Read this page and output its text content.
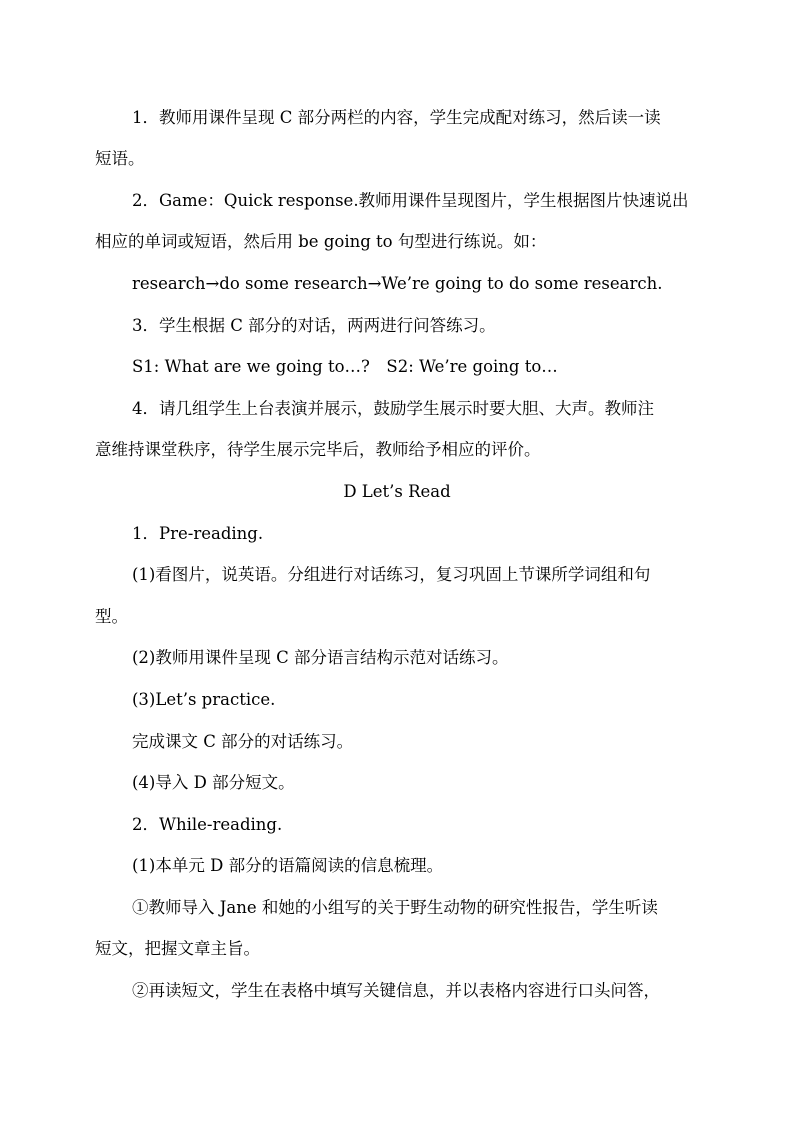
1．教师用课件呈现 C 部分两栏的内容，学生完成配对练习，然后读一读
短语。
2．Game：Quick response.教师用课件呈现图片，学生根据图片快速说出
相应的单词或短语，然后用 be going to 句型进行练说。如：
research→do some research→We’re going to do some research.
3．学生根据 C 部分的对话，两两进行问答练习。
S1: What are we going to…?　S2: We’re going to…
4．请几组学生上台表演并展示，鼓励学生展示时要大胆、大声。教师注
意维持课堂秩序，待学生展示完毕后，教师给予相应的评价。
D Let’s Read
1．Pre-reading.
(1)看图片，说英语。分组进行对话练习，复习巩固上节课所学词组和句
型。
(2)教师用课件呈现 C 部分语言结构示范对话练习。
(3)Let’s practice.
完成课文 C 部分的对话练习。
(4)导入 D 部分短文。
2．While-reading.
(1)本单元 D 部分的语篇阅读的信息梳理。
①教师导入 Jane 和她的小组写的关于野生动物的研究性报告，学生听读
短文，把握文章主旨。
②再读短文，学生在表格中填写关键信息，并以表格内容进行口头问答，
